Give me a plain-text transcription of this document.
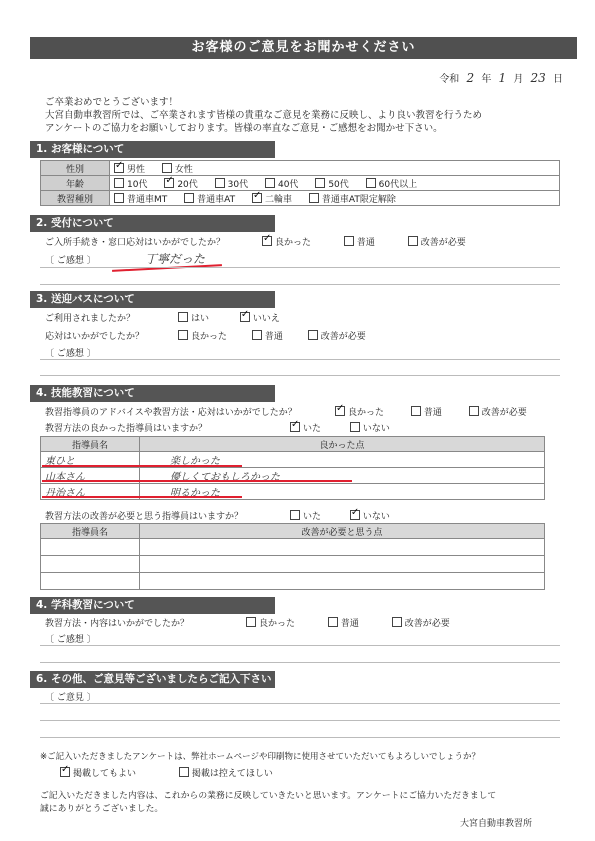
お客様のご意見をお聞かせください
令和 2 年 1 月 23 日
ご卒業おめでとうございます！
大宮自動車教習所では、ご卒業されます皆様の貴重なご意見を業務に反映し、より良い教習を行うため
アンケートのご協力をお願いしております。皆様の率直なご意見・ご感想をお聞かせ下さい。
1. お客様について
性別	✓男性 女性
年齢	10代 ✓ 20代 30代 40代 50代 60代以上
教習種別	普通車MT 普通車AT ✓ 二輪車 普通車AT限定解除
2. 受付について
ご入所手続き・窓口応対はいかがでしたか？ ✓	良かった	普通	改善が必要
〔 ご感想 〕	丁寧だった
3. 送迎バスについて
ご利用されましたか？	はい ✓	いいえ
応対はいかがでしたか？	良かった	普通	改善が必要
〔 ご感想 〕
4. 技能教習について
教習指導員のアドバイスや教習方法・応対はいかがでしたか？ ✓	良かった	普通	改善が必要
教習方法の良かった指導員はいますか？ ✓	いた	いない
指導員名	良かった点
東ひと	楽しかった
山本さん	優しくておもしろかった
丹治さん	明るかった
教習方法の改善が必要と思う指導員はいますか？	いた ✓	いない
指導員名	改善が必要と思う点

4. 学科教習について
教習方法・内容はいかがでしたか？	良かった	普通	改善が必要
〔 ご感想 〕
6. その他、ご意見等ございましたらご記入下さい
〔 ご意見 〕
※ご記入いただきましたアンケートは、弊社ホームページや印刷物に使用させていただいてもよろしいでしょうか？
✓掲載してもよい	掲載は控えてほしい
ご記入いただきました内容は、これからの業務に反映していきたいと思います。アンケートにご協力いただきまして
誠にありがとうございました。
大宮自動車教習所
